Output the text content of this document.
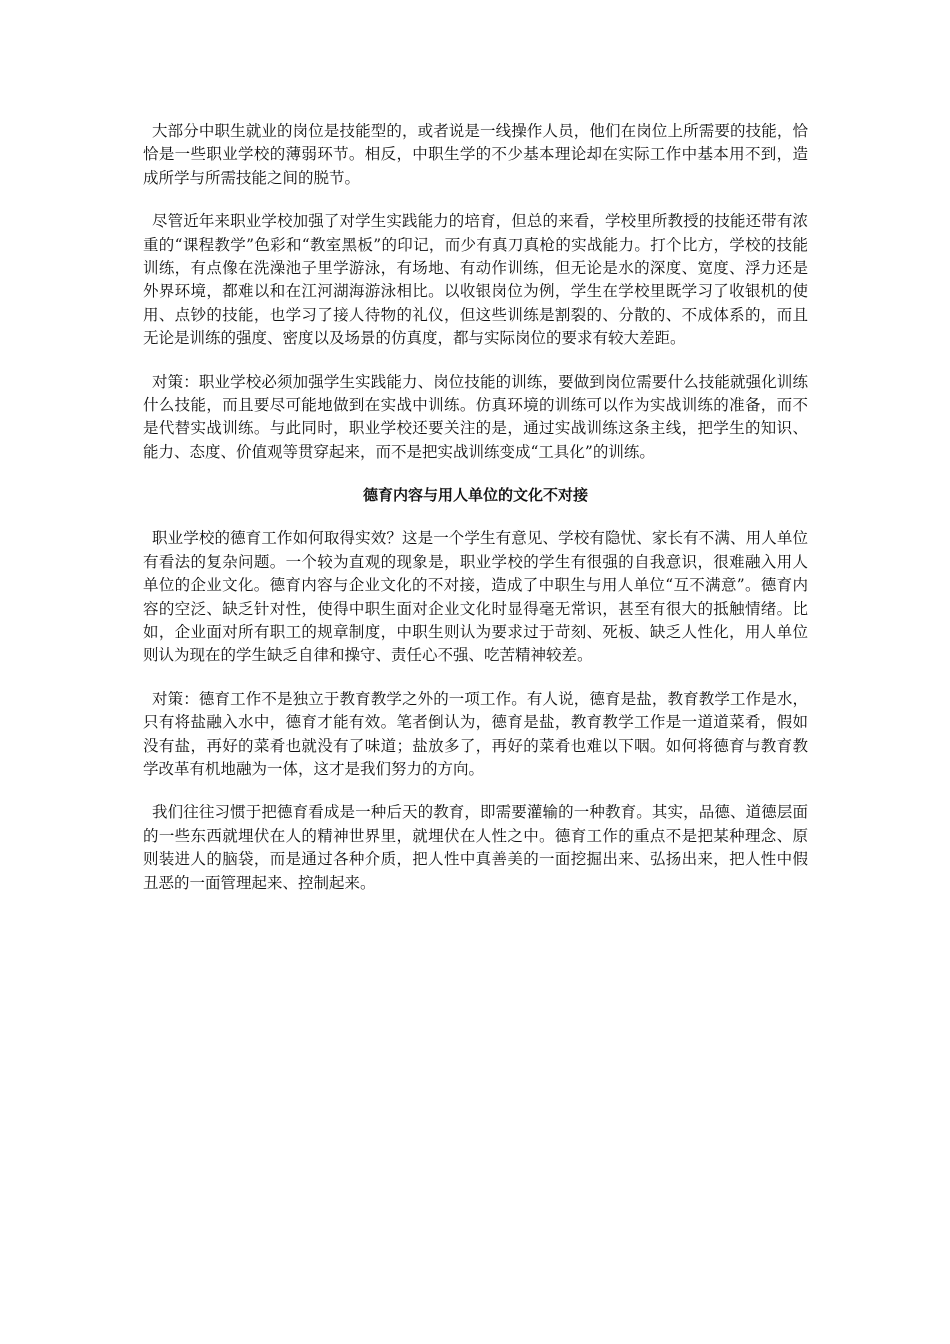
大部分中职生就业的岗位是技能型的，或者说是一线操作人员，他们在岗位上所需要的技能，恰恰是一些职业学校的薄弱环节。相反，中职生学的不少基本理论却在实际工作中基本用不到，造成所学与所需技能之间的脱节。

尽管近年来职业学校加强了对学生实践能力的培育，但总的来看，学校里所教授的技能还带有浓重的“课程教学”色彩和“教室黑板”的印记，而少有真刀真枪的实战能力。打个比方，学校的技能训练，有点像在洗澡池子里学游泳，有场地、有动作训练，但无论是水的深度、宽度、浮力还是外界环境，都难以和在江河湖海游泳相比。以收银岗位为例，学生在学校里既学习了收银机的使用、点钞的技能，也学习了接人待物的礼仪，但这些训练是割裂的、分散的、不成体系的，而且无论是训练的强度、密度以及场景的仿真度，都与实际岗位的要求有较大差距。

对策：职业学校必须加强学生实践能力、岗位技能的训练，要做到岗位需要什么技能就强化训练什么技能，而且要尽可能地做到在实战中训练。仿真环境的训练可以作为实战训练的准备，而不是代替实战训练。与此同时，职业学校还要关注的是，通过实战训练这条主线，把学生的知识、能力、态度、价值观等贯穿起来，而不是把实战训练变成“工具化”的训练。

德育内容与用人单位的文化不对接

职业学校的德育工作如何取得实效？这是一个学生有意见、学校有隐忧、家长有不满、用人单位有看法的复杂问题。一个较为直观的现象是，职业学校的学生有很强的自我意识，很难融入用人单位的企业文化。德育内容与企业文化的不对接，造成了中职生与用人单位“互不满意”。德育内容的空泛、缺乏针对性，使得中职生面对企业文化时显得毫无常识，甚至有很大的抵触情绪。比如，企业面对所有职工的规章制度，中职生则认为要求过于苛刻、死板、缺乏人性化，用人单位则认为现在的学生缺乏自律和操守、责任心不强、吃苦精神较差。

对策：德育工作不是独立于教育教学之外的一项工作。有人说，德育是盐，教育教学工作是水，只有将盐融入水中，德育才能有效。笔者倒认为，德育是盐，教育教学工作是一道道菜肴，假如没有盐，再好的菜肴也就没有了味道；盐放多了，再好的菜肴也难以下咽。如何将德育与教育教学改革有机地融为一体，这才是我们努力的方向。

我们往往习惯于把德育看成是一种后天的教育，即需要灌输的一种教育。其实，品德、道德层面的一些东西就埋伏在人的精神世界里，就埋伏在人性之中。德育工作的重点不是把某种理念、原则装进人的脑袋，而是通过各种介质，把人性中真善美的一面挖掘出来、弘扬出来，把人性中假丑恶的一面管理起来、控制起来。
